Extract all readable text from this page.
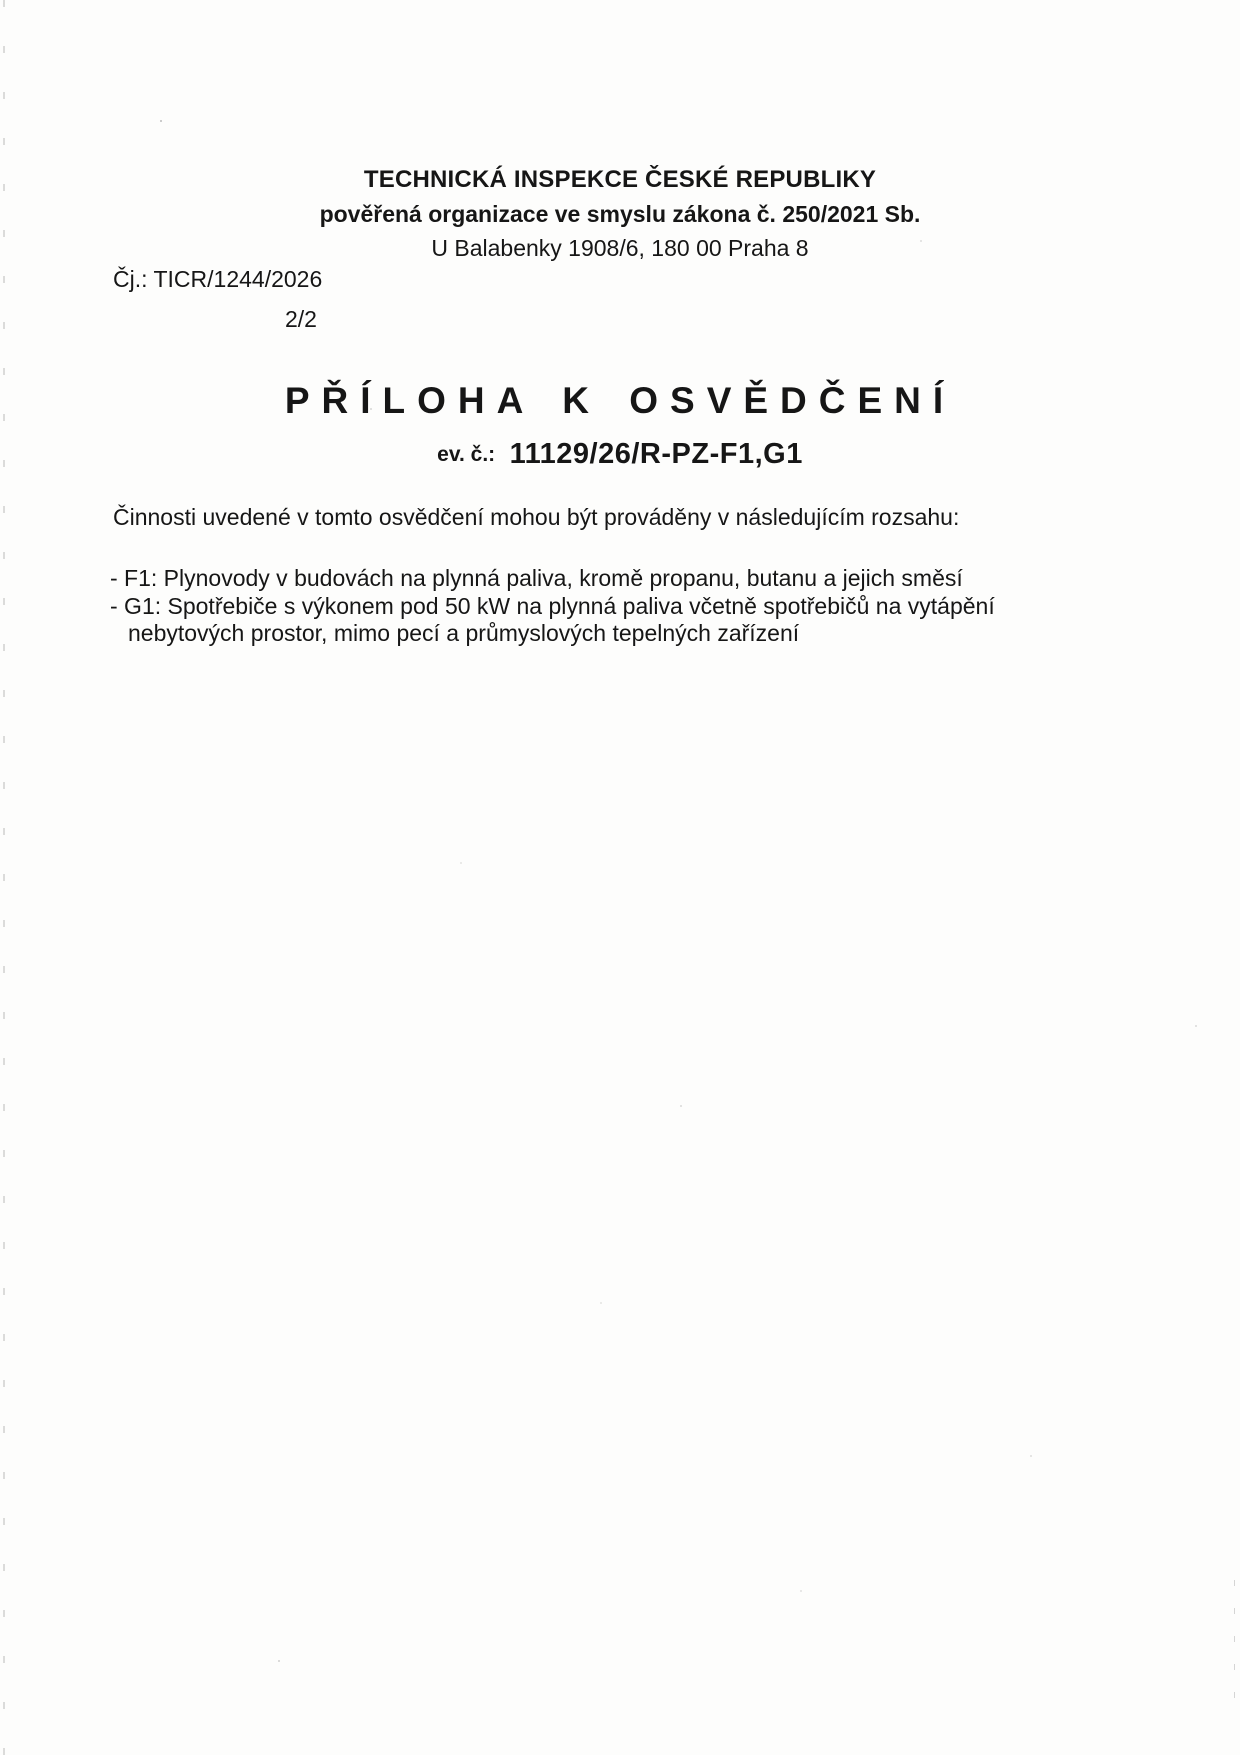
TECHNICKÁ INSPEKCE ČESKÉ REPUBLIKY
pověřená organizace ve smyslu zákona č. 250/2021 Sb.
U Balabenky 1908/6, 180 00 Praha 8
Čj.: TICR/1244/2026
2/2
PŘÍLOHA K OSVĚDČENÍ
ev. č.: 11129/26/R-PZ-F1,G1
Činnosti uvedené v tomto osvědčení mohou být prováděny v následujícím rozsahu:

- F1: Plynovody v budovách na plynná paliva, kromě propanu, butanu a jejich směsí

- G1: Spotřebiče s výkonem pod 50 kW na plynná paliva včetně spotřebičů na vytápění nebytových prostor, mimo pecí a průmyslových tepelných zařízení
